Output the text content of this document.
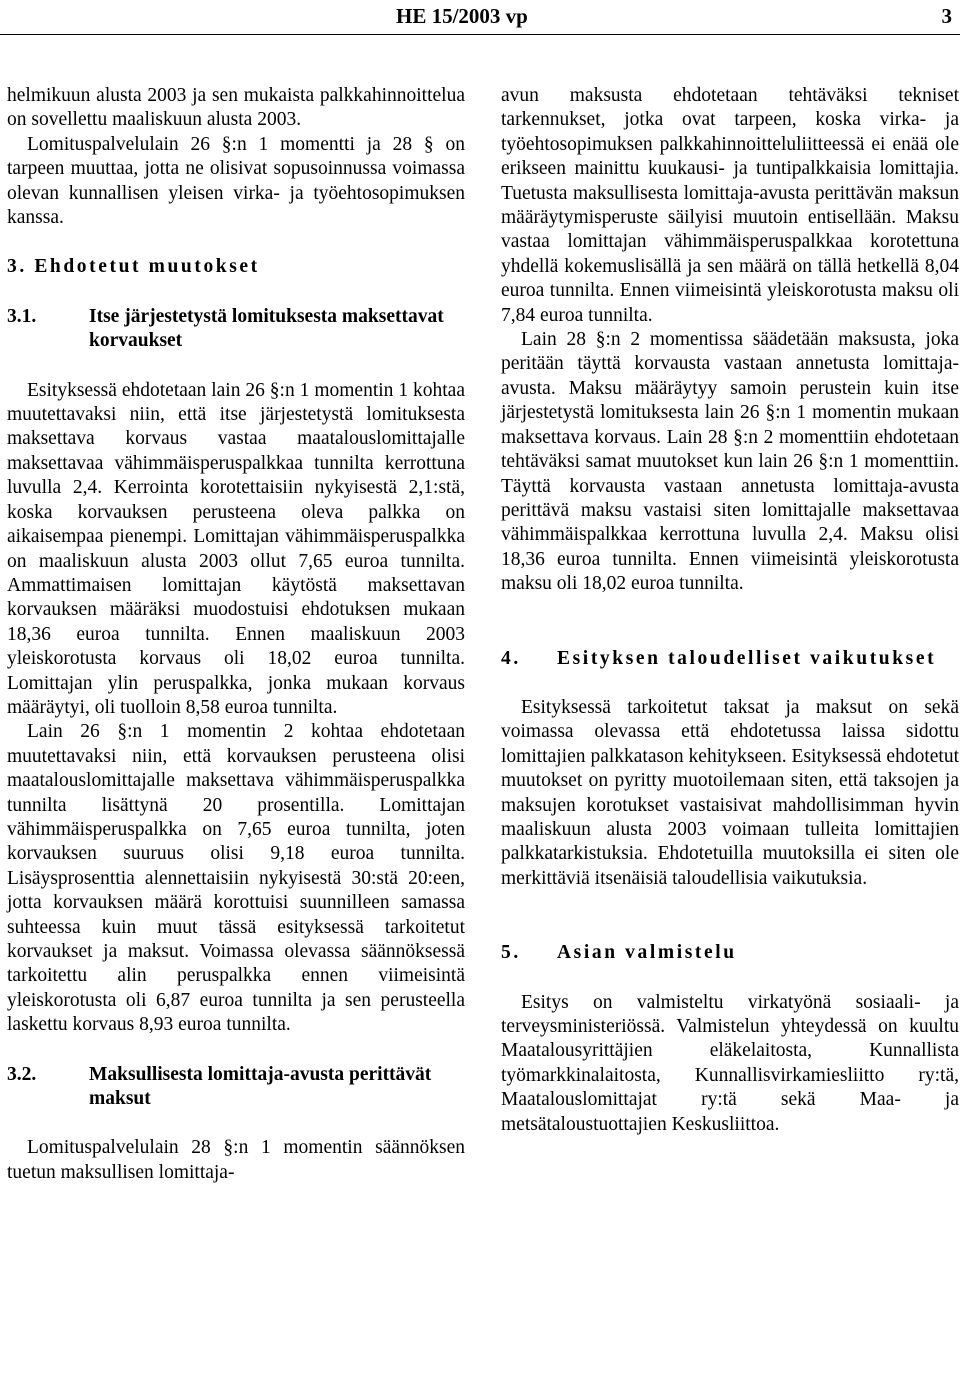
HE 15/2003 vp	3

helmikuun alusta 2003 ja sen mukaista palkkahinnoittelua on sovellettu maaliskuun alusta 2003.

Lomituspalvelulain 26 §:n 1 momentti ja 28 § on tarpeen muuttaa, jotta ne olisivat sopusoinnussa voimassa olevan kunnallisen yleisen virka- ja työehtosopimuksen kanssa.

3. Ehdotetut muutokset
3.1.	Itse järjestetystä lomituksesta maksettavat korvaukset

Esityksessä ehdotetaan lain 26 §:n 1 momentin 1 kohtaa muutettavaksi niin, että itse järjestetystä lomituksesta maksettava korvaus vastaa maatalouslomittajalle maksettavaa vähimmäisperuspalkkaa tunnilta kerrottuna luvulla 2,4. Kerrointa korotettaisiin nykyisestä 2,1:stä, koska korvauksen perusteena oleva palkka on aikaisempaa pienempi. Lomittajan vähimmäisperuspalkka on maaliskuun alusta 2003 ollut 7,65 euroa tunnilta. Ammattimaisen lomittajan käytöstä maksettavan korvauksen määräksi muodostuisi ehdotuksen mukaan 18,36 euroa tunnilta. Ennen maaliskuun 2003 yleiskorotusta korvaus oli 18,02 euroa tunnilta. Lomittajan ylin peruspalkka, jonka mukaan korvaus määräytyi, oli tuolloin 8,58 euroa tunnilta.

Lain 26 §:n 1 momentin 2 kohtaa ehdotetaan muutettavaksi niin, että korvauksen perusteena olisi maatalouslomittajalle maksettava vähimmäisperuspalkka tunnilta lisättynä 20 prosentilla. Lomittajan vähimmäisperuspalkka on 7,65 euroa tunnilta, joten korvauksen suuruus olisi 9,18 euroa tunnilta. Lisäysprosenttia alennettaisiin nykyisestä 30:stä 20:een, jotta korvauksen määrä korottuisi suunnilleen samassa suhteessa kuin muut tässä esityksessä tarkoitetut korvaukset ja maksut. Voimassa olevassa säännöksessä tarkoitettu alin peruspalkka ennen viimeisintä yleiskorotusta oli 6,87 euroa tunnilta ja sen perusteella laskettu korvaus 8,93 euroa tunnilta.

3.2.	Maksullisesta lomittaja-avusta perittävät maksut

Lomituspalvelulain 28 §:n 1 momentin säännöksen tuetun maksullisen lomittaja-

avun maksusta ehdotetaan tehtäväksi tekniset tarkennukset, jotka ovat tarpeen, koska virka- ja työehtosopimuksen palkkahinnoitteluliitteessä ei enää ole erikseen mainittu kuukausi- ja tuntipalkkaisia lomittajia. Tuetusta maksullisesta lomittaja-avusta perittävän maksun määräytymisperuste säilyisi muutoin entisellään. Maksu vastaa lomittajan vähimmäisperuspalkkaa korotettuna yhdellä kokemuslisällä ja sen määrä on tällä hetkellä 8,04 euroa tunnilta. Ennen viimeisintä yleiskorotusta maksu oli 7,84 euroa tunnilta.

Lain 28 §:n 2 momentissa säädetään maksusta, joka peritään täyttä korvausta vastaan annetusta lomittaja-avusta. Maksu määräytyy samoin perustein kuin itse järjestetystä lomituksesta lain 26 §:n 1 momentin mukaan maksettava korvaus. Lain 28 §:n 2 momenttiin ehdotetaan tehtäväksi samat muutokset kun lain 26 §:n 1 momenttiin. Täyttä korvausta vastaan annetusta lomittaja-avusta perittävä maksu vastaisi siten lomittajalle maksettavaa vähimmäispalkkaa kerrottuna luvulla 2,4. Maksu olisi 18,36 euroa tunnilta. Ennen viimeisintä yleiskorotusta maksu oli 18,02 euroa tunnilta.

4.	Esityksen taloudelliset vaikutukset

Esityksessä tarkoitetut taksat ja maksut on sekä voimassa olevassa että ehdotetussa laissa sidottu lomittajien palkkatason kehitykseen. Esityksessä ehdotetut muutokset on pyritty muotoilemaan siten, että taksojen ja maksujen korotukset vastaisivat mahdollisimman hyvin maaliskuun alusta 2003 voimaan tulleita lomittajien palkkatarkistuksia. Ehdotetuilla muutoksilla ei siten ole merkittäviä itsenäisiä taloudellisia vaikutuksia.

5.	Asian valmistelu

Esitys on valmisteltu virkatyönä sosiaali- ja terveysministeriössä. Valmistelun yhteydessä on kuultu Maatalousyrittäjien eläkelaitosta, Kunnallista työmarkkinalaitosta, Kunnallisvirkamiesliitto ry:tä, Maatalouslomittajat ry:tä sekä Maa- ja metsätaloustuottajien Keskusliittoa.
